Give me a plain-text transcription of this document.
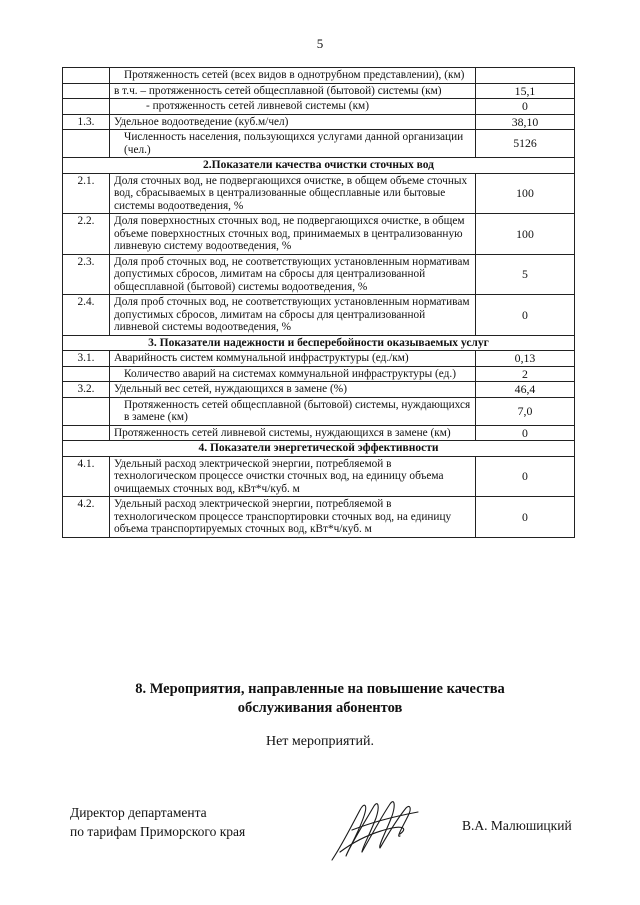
5
	Протяженность сетей (всех видов в однотрубном представлении), (км)	
	в т.ч. – протяженность сетей общесплавной (бытовой) системы (км)	15,1
	- протяженность сетей ливневой системы (км)	0
1.3.	Удельное водоотведение (куб.м/чел)	38,10
	Численность населения, пользующихся услугами данной организации (чел.)	5126
2.Показатели качества очистки сточных вод		
2.1.	Доля сточных вод, не подвергающихся очистке, в общем объеме сточных вод, сбрасываемых в централизованные общесплавные или бытовые системы водоотведения, %	100
2.2.	Доля поверхностных сточных вод, не подвергающихся очистке, в общем объеме поверхностных сточных вод, принимаемых в централизованную ливневую систему водоотведения, %	100
2.3.	Доля проб сточных вод, не соответствующих установленным нормативам допустимых сбросов, лимитам на сбросы для централизованной общесплавной (бытовой) системы водоотведения, %	5
2.4.	Доля проб сточных вод, не соответствующих установленным нормативам допустимых сбросов, лимитам на сбросы для централизованной ливневой системы водоотведения, %	0
3. Показатели надежности и бесперебойности оказываемых услуг		
3.1.	Аварийность систем коммунальной инфраструктуры (ед./км)	0,13
	Количество аварий на системах коммунальной инфраструктуры (ед.)	2
3.2.	Удельный вес сетей, нуждающихся в замене (%)	46,4
	Протяженность сетей общесплавной (бытовой) системы, нуждающихся в замене (км)	7,0
	Протяженность сетей ливневой системы, нуждающихся в замене (км)	0
4. Показатели энергетической эффективности		
4.1.	Удельный расход электрической энергии, потребляемой в технологическом процессе очистки сточных вод, на единицу объема очищаемых сточных вод, кВт*ч/куб. м	0
4.2.	Удельный расход электрической энергии, потребляемой в технологическом процессе транспортировки сточных вод, на единицу объема транспортируемых сточных вод, кВт*ч/куб. м	0
8. Мероприятия, направленные на повышение качества
обслуживания абонентов
Нет мероприятий.
Директор департамента
по тарифам Приморского края	В.А. Малюшицкий
